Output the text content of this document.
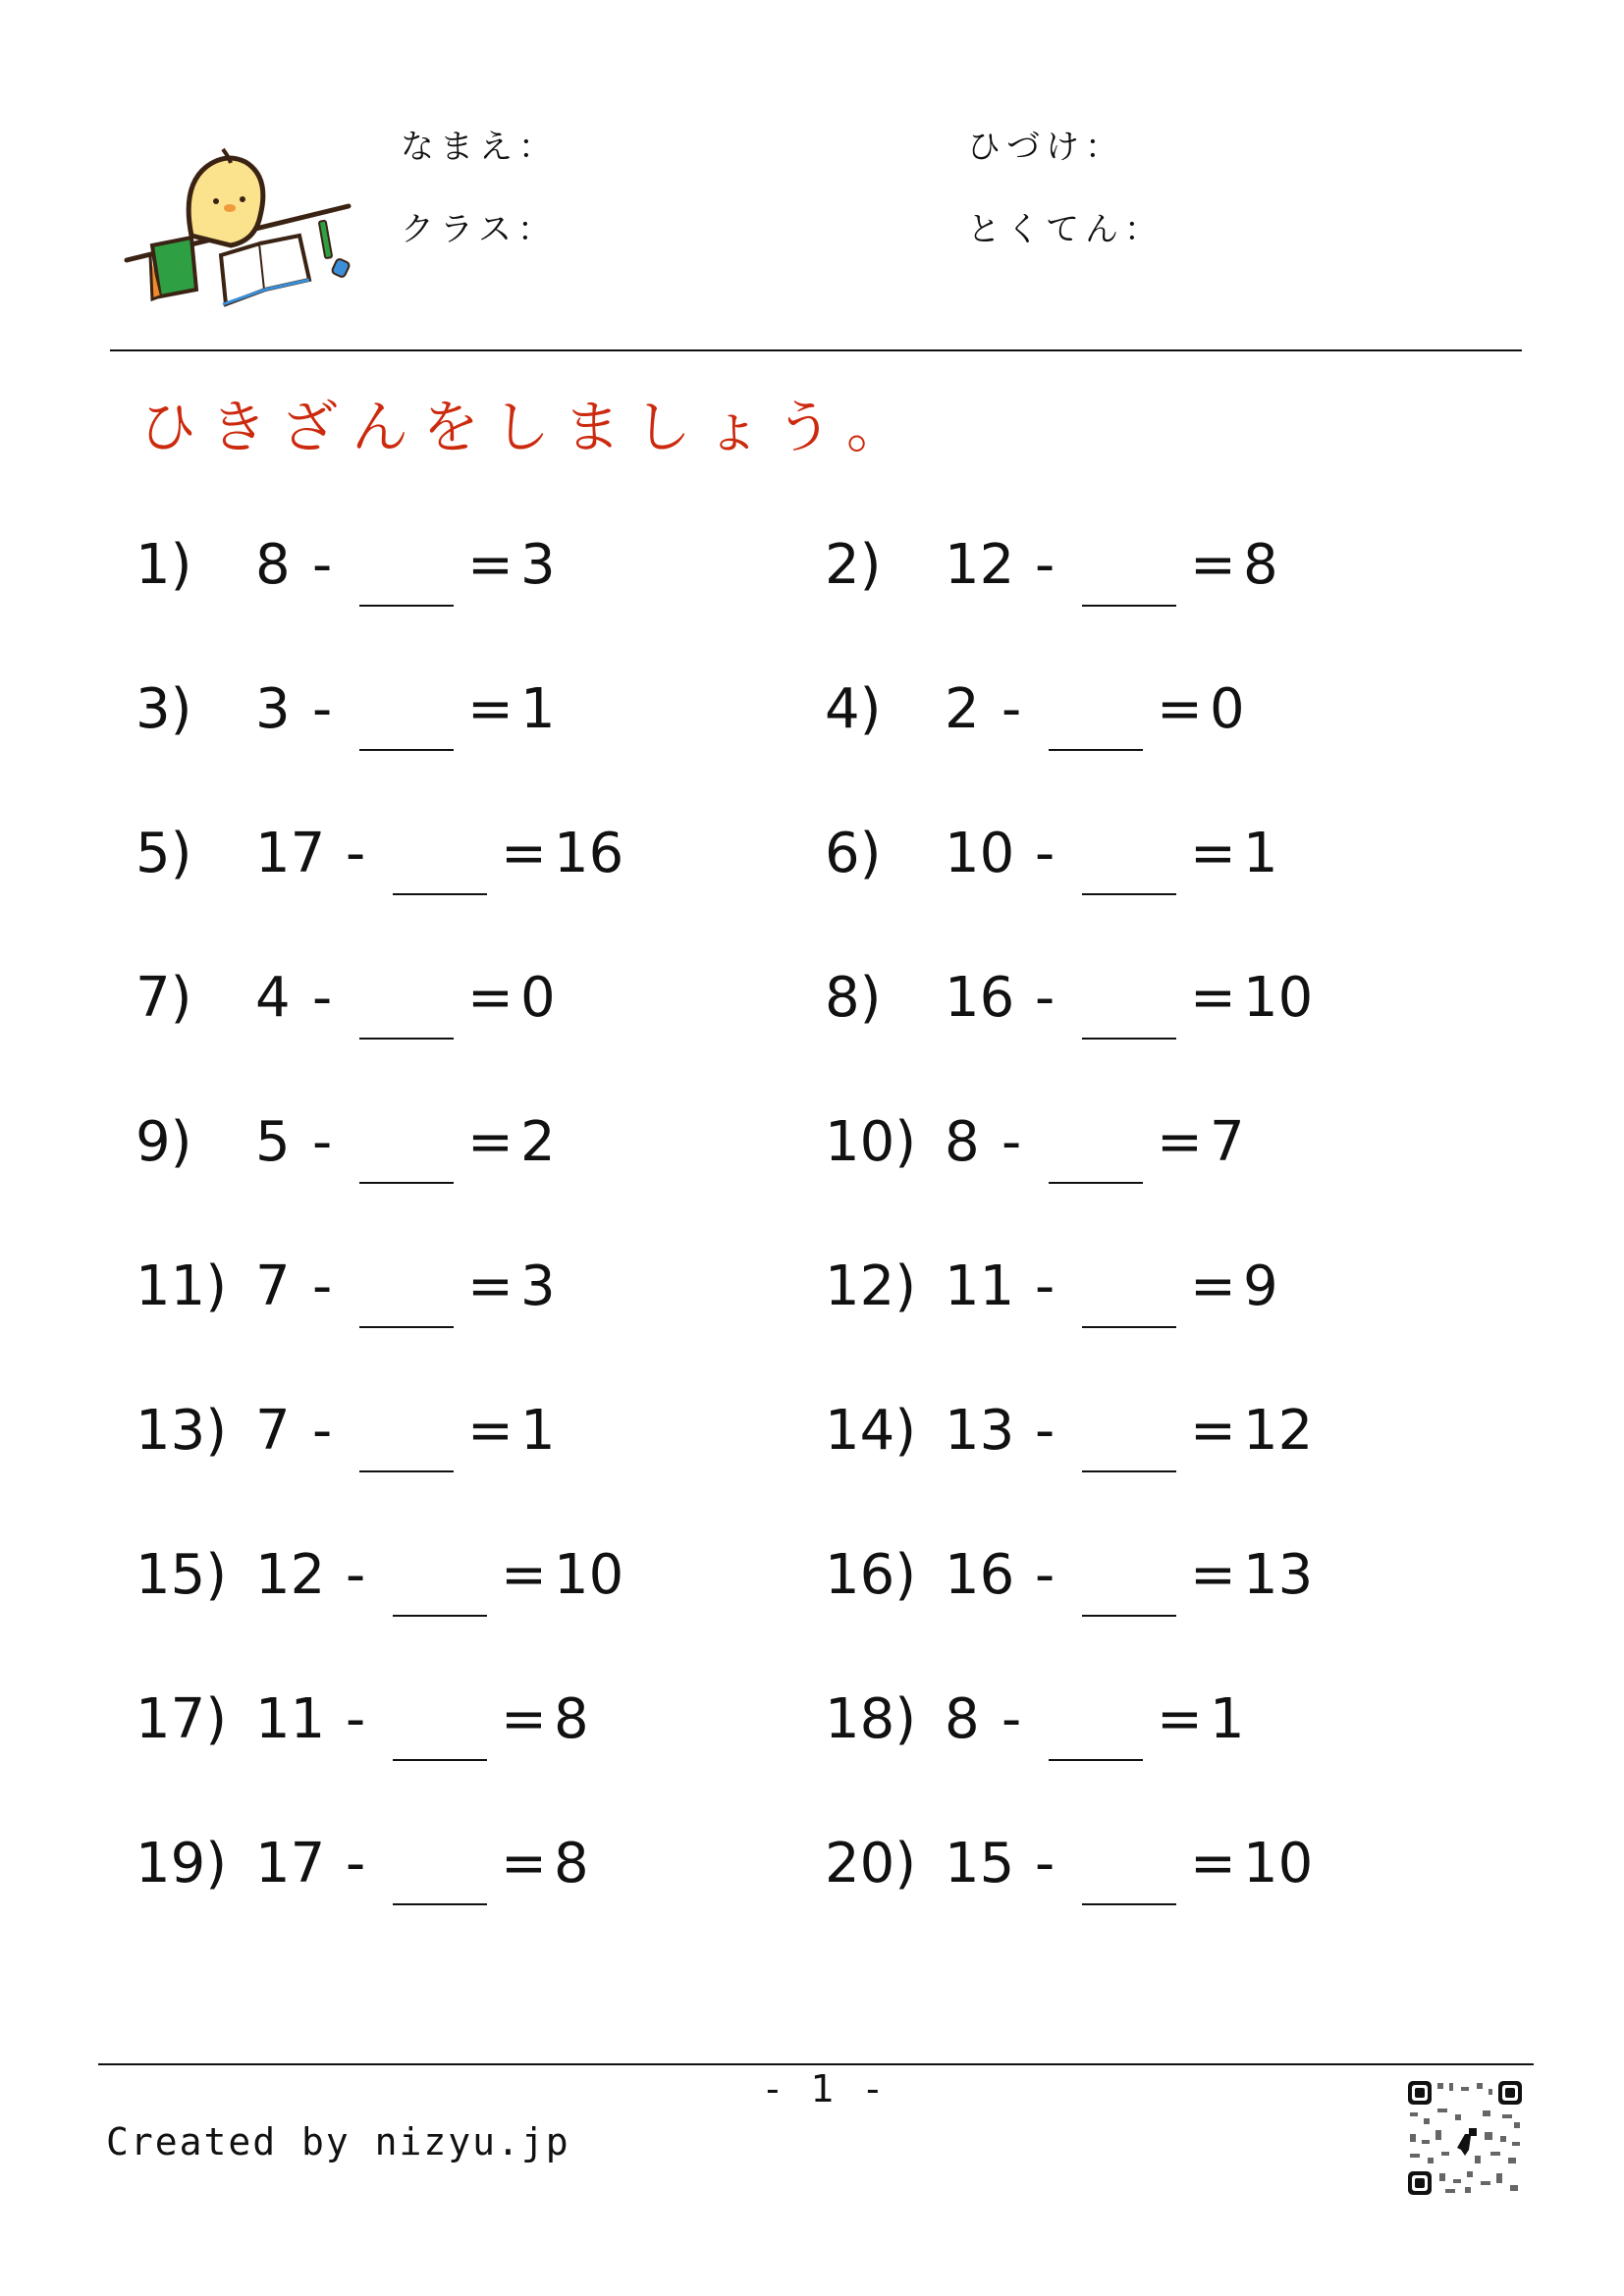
なまえ：	ひづけ：
クラス：	とくてん：
ひきざんをしましょう。
1) 8 - = 3	2) 12 - = 8
3) 3 - = 1	4) 2 - = 0
5) 17 - = 16	6) 10 - = 1
7) 4 - = 0	8) 16 - = 10
9) 5 - = 2	10) 8 - = 7
11) 7 - = 3	12) 11 - = 9
13) 7 - = 1	14) 13 - = 12
15) 12 - = 10	16) 16 - = 13
17) 11 - = 8	18) 8 - = 1
19) 17 - = 8	20) 15 - = 10
- 1 -
Created by nizyu.jp
